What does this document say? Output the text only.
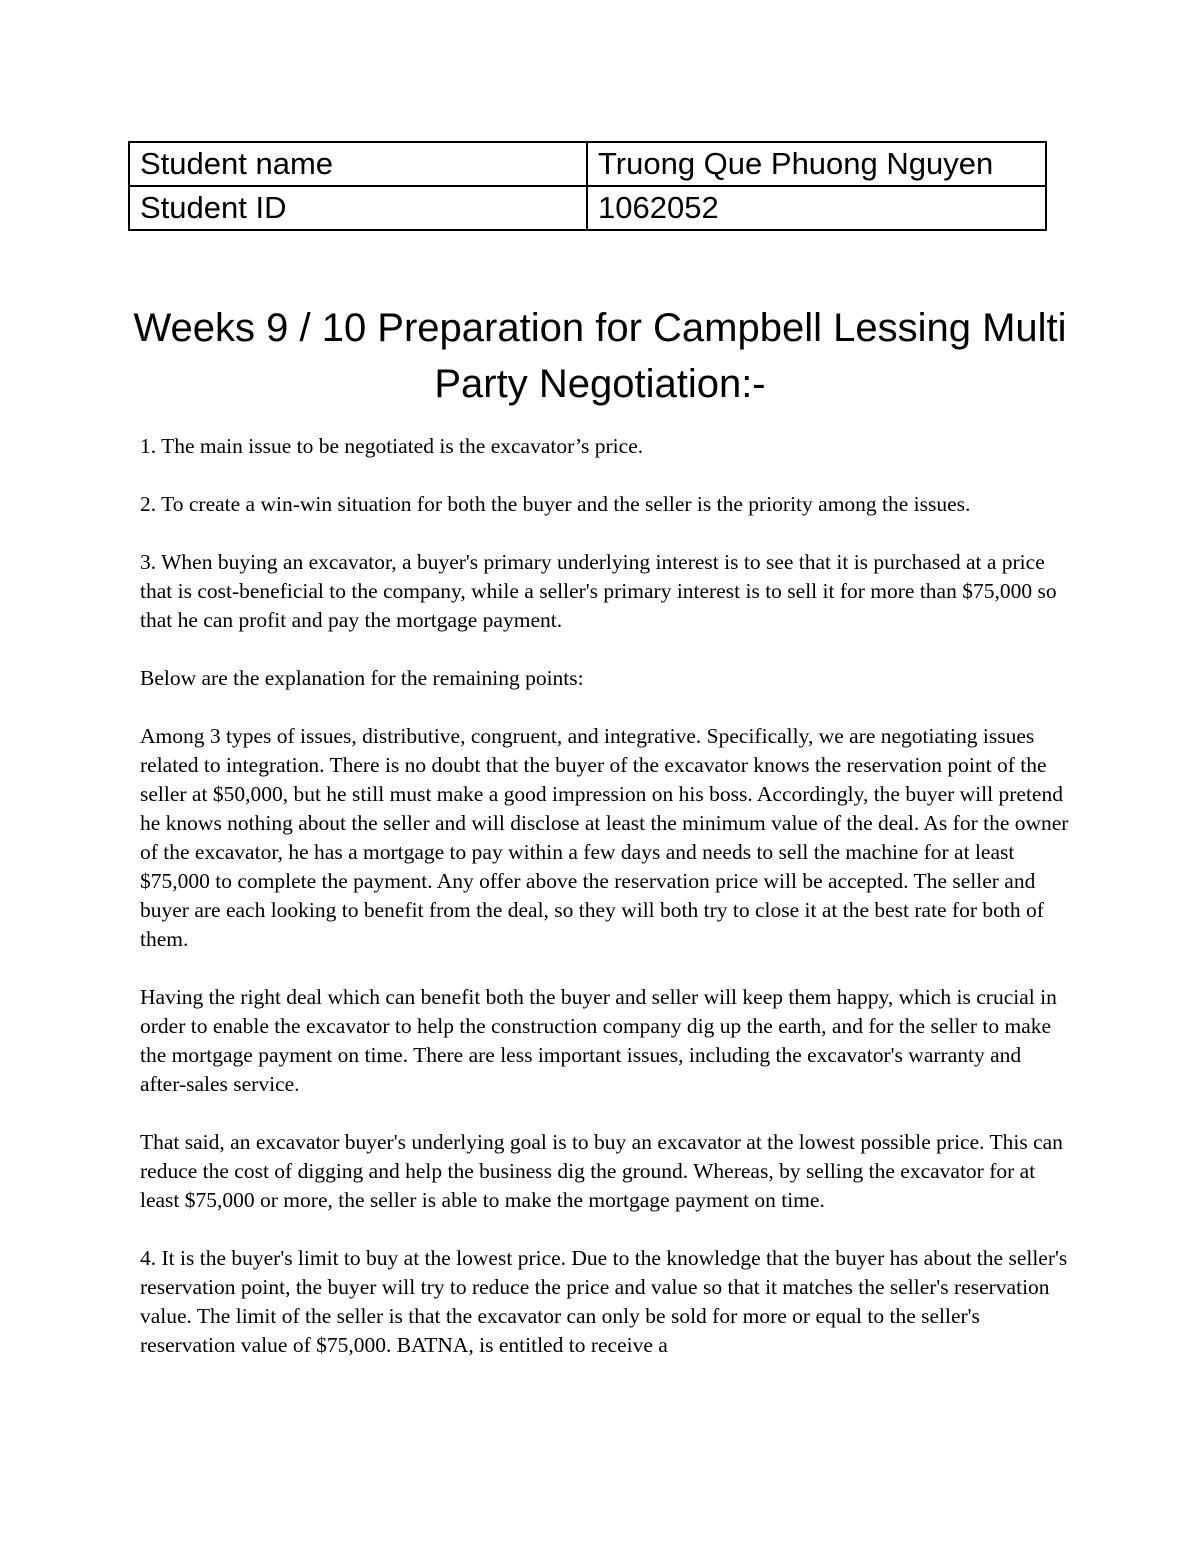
Student name	Truong Que Phuong Nguyen
Student ID	1062052
Weeks 9 / 10 Preparation for Campbell Lessing Multi Party Negotiation:-

1. The main issue to be negotiated is the excavator’s price.

2. To create a win-win situation for both the buyer and the seller is the priority among the issues.

3. When buying an excavator, a buyer's primary underlying interest is to see that it is purchased at a price that is cost-beneficial to the company, while a seller's primary interest is to sell it for more than $75,000 so that he can profit and pay the mortgage payment.

Below are the explanation for the remaining points:

Among 3 types of issues, distributive, congruent, and integrative. Specifically, we are negotiating issues related to integration. There is no doubt that the buyer of the excavator knows the reservation point of the seller at $50,000, but he still must make a good impression on his boss. Accordingly, the buyer will pretend he knows nothing about the seller and will disclose at least the minimum value of the deal. As for the owner of the excavator, he has a mortgage to pay within a few days and needs to sell the machine for at least $75,000 to complete the payment. Any offer above the reservation price will be accepted. The seller and buyer are each looking to benefit from the deal, so they will both try to close it at the best rate for both of them.

Having the right deal which can benefit both the buyer and seller will keep them happy, which is crucial in order to enable the excavator to help the construction company dig up the earth, and for the seller to make the mortgage payment on time. There are less important issues, including the excavator's warranty and after-sales service.

That said, an excavator buyer's underlying goal is to buy an excavator at the lowest possible price. This can reduce the cost of digging and help the business dig the ground. Whereas, by selling the excavator for at least $75,000 or more, the seller is able to make the mortgage payment on time.

4. It is the buyer's limit to buy at the lowest price. Due to the knowledge that the buyer has about the seller's reservation point, the buyer will try to reduce the price and value so that it matches the seller's reservation value. The limit of the seller is that the excavator can only be sold for more or equal to the seller's reservation value of $75,000. BATNA, is entitled to receive a
